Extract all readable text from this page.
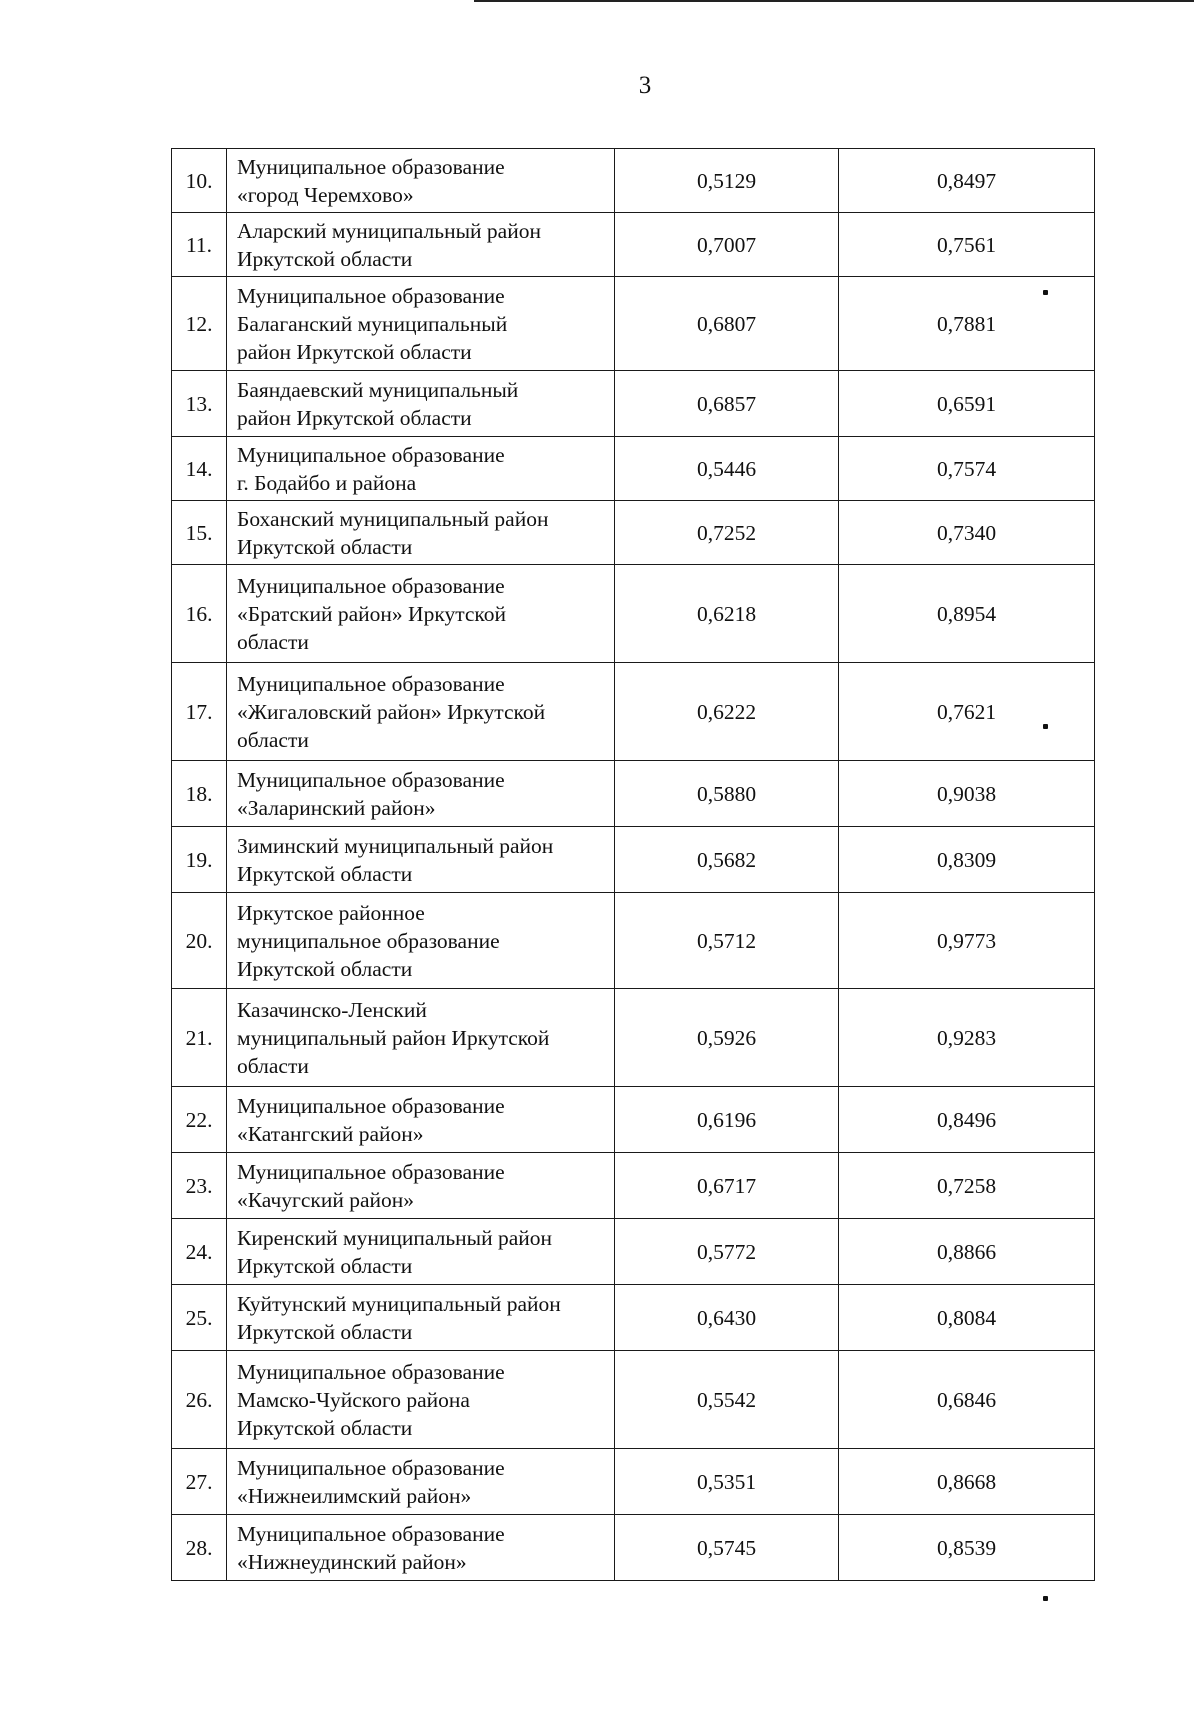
3
10.	Муниципальное образование
«город Черемхово»	0,5129	0,8497
11.	Аларский муниципальный район
Иркутской области	0,7007	0,7561
12.	Муниципальное образование
Балаганский муниципальный
район Иркутской области	0,6807	0,7881
13.	Баяндаевский муниципальный
район Иркутской области	0,6857	0,6591
14.	Муниципальное образование
г. Бодайбо и района	0,5446	0,7574
15.	Боханский муниципальный район
Иркутской области	0,7252	0,7340
16.	Муниципальное образование
«Братский район» Иркутской
области	0,6218	0,8954
17.	Муниципальное образование
«Жигаловский район» Иркутской
области	0,6222	0,7621
18.	Муниципальное образование
«Заларинский район»	0,5880	0,9038
19.	Зиминский муниципальный район
Иркутской области	0,5682	0,8309
20.	Иркутское районное
муниципальное образование
Иркутской области	0,5712	0,9773
21.	Казачинско-Ленский
муниципальный район Иркутской
области	0,5926	0,9283
22.	Муниципальное образование
«Катангский район»	0,6196	0,8496
23.	Муниципальное образование
«Качугский район»	0,6717	0,7258
24.	Киренский муниципальный район
Иркутской области	0,5772	0,8866
25.	Куйтунский муниципальный район
Иркутской области	0,6430	0,8084
26.	Муниципальное образование
Мамско-Чуйского района
Иркутской области	0,5542	0,6846
27.	Муниципальное образование
«Нижнеилимский район»	0,5351	0,8668
28.	Муниципальное образование
«Нижнеудинский район»	0,5745	0,8539
